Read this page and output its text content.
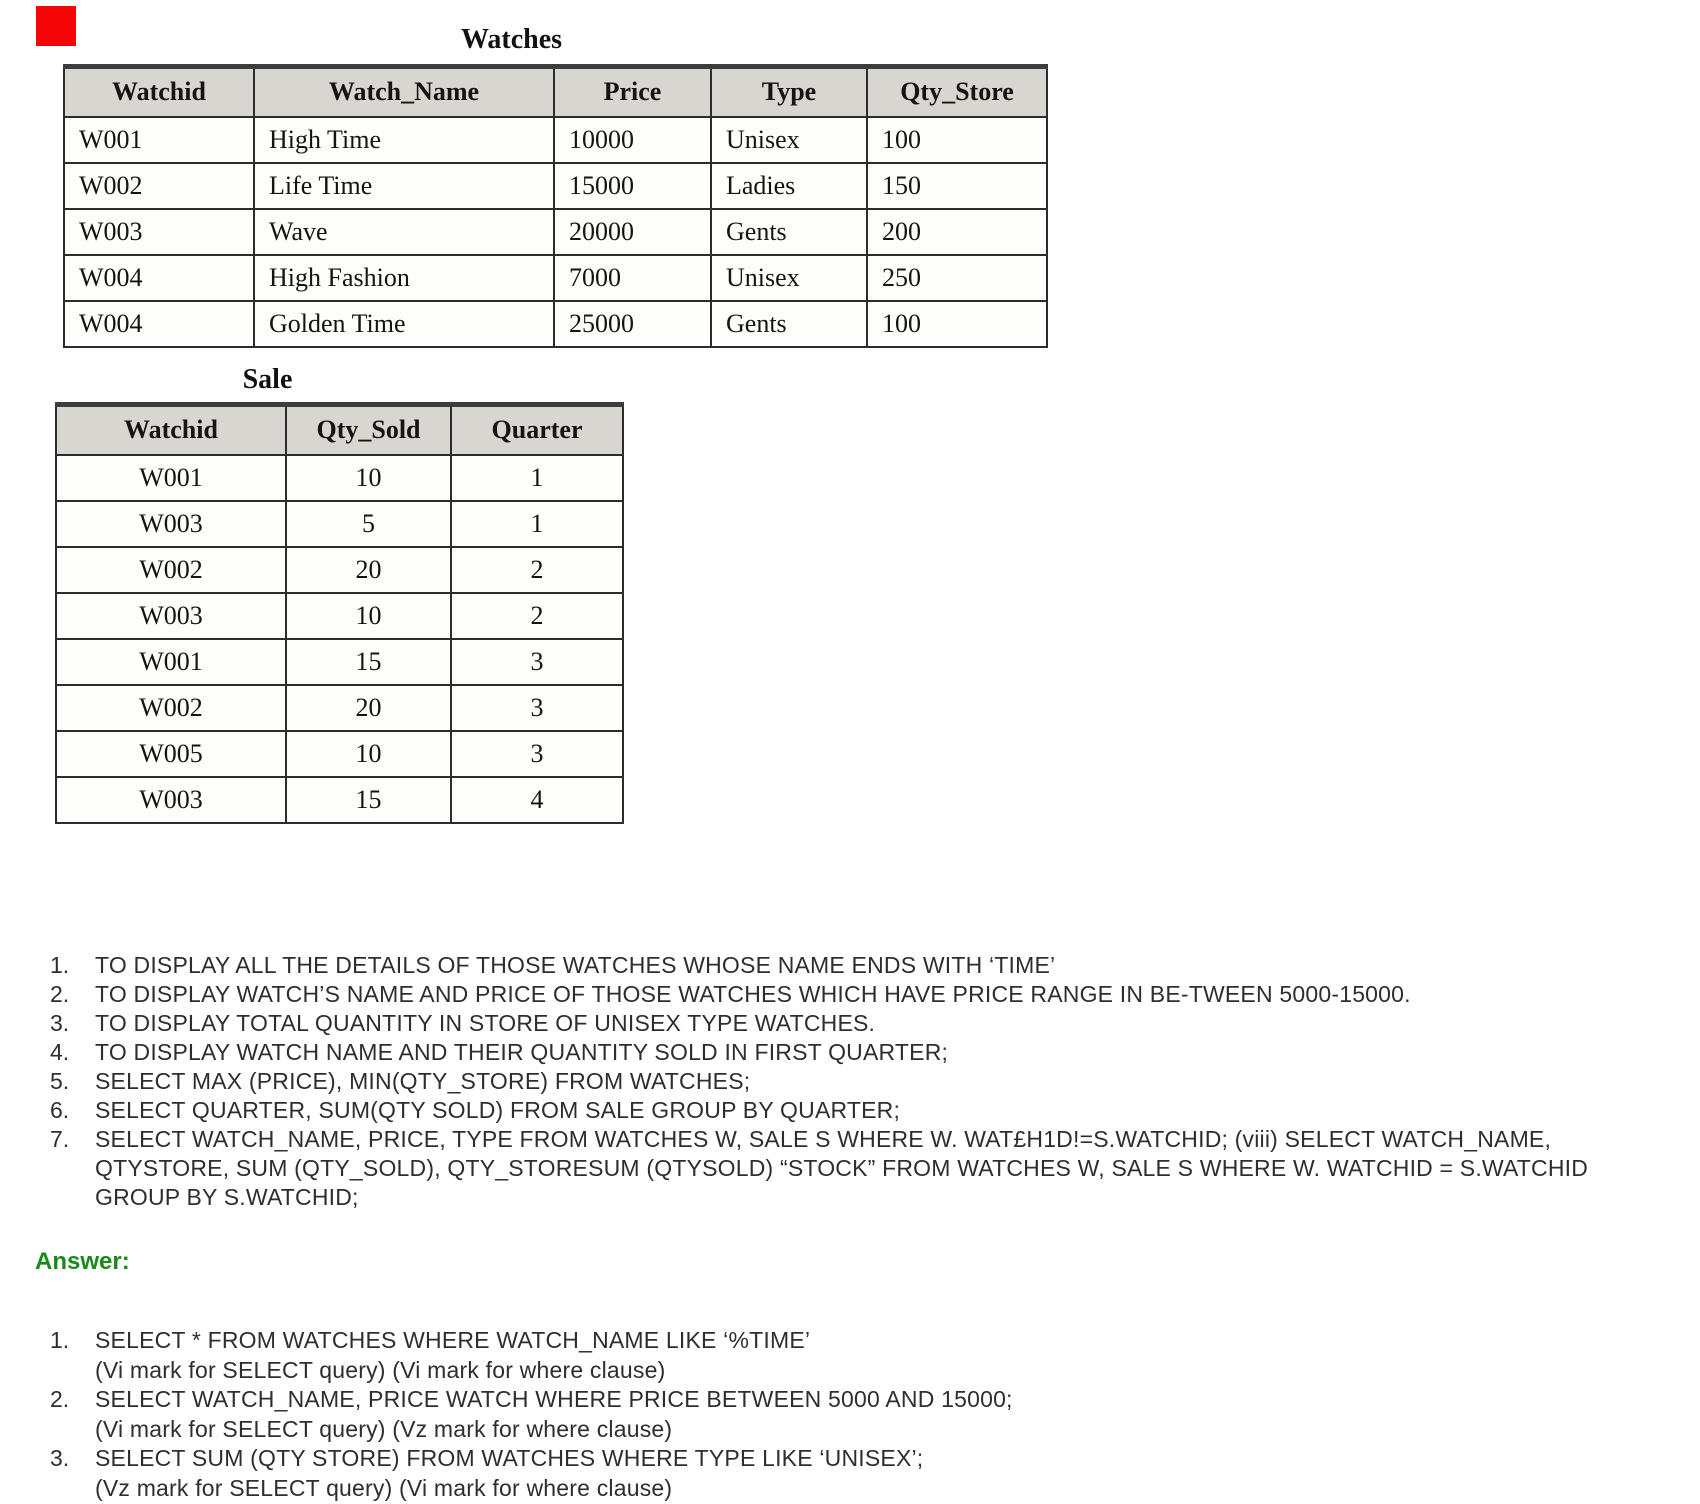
Watches
Watchid	Watch_Name	Price	Type	Qty_Store
W001	High Time	10000	Unisex	100
W002	Life Time	15000	Ladies	150
W003	Wave	20000	Gents	200
W004	High Fashion	7000	Unisex	250
W004	Golden Time	25000	Gents	100
Sale
Watchid	Qty_Sold	Quarter
W001	10	1
W003	5	1
W002	20	2
W003	10	2
W001	15	3
W002	20	3
W005	10	3
W003	15	4
1.	TO DISPLAY ALL THE DETAILS OF THOSE WATCHES WHOSE NAME ENDS WITH ‘TIME’
2.	TO DISPLAY WATCH’S NAME AND PRICE OF THOSE WATCHES WHICH HAVE PRICE RANGE IN BE-TWEEN 5000-15000.
3.	TO DISPLAY TOTAL QUANTITY IN STORE OF UNISEX TYPE WATCHES.
4.	TO DISPLAY WATCH NAME AND THEIR QUANTITY SOLD IN FIRST QUARTER;
5.	SELECT MAX (PRICE), MIN(QTY_STORE) FROM WATCHES;
6.	SELECT QUARTER, SUM(QTY SOLD) FROM SALE GROUP BY QUARTER;
7.	SELECT WATCH_NAME, PRICE, TYPE FROM WATCHES W, SALE S WHERE W. WAT£H1D!=S.WATCHID; (viii) SELECT WATCH_NAME, QTYSTORE, SUM (QTY_SOLD), QTY_STORESUM (QTYSOLD) “STOCK” FROM WATCHES W, SALE S WHERE W. WATCHID = S.WATCHID GROUP BY S.WATCHID;
Answer:
1.	SELECT * FROM WATCHES WHERE WATCH_NAME LIKE ‘%TIME’
(Vi mark for SELECT query) (Vi mark for where clause)
2.	SELECT WATCH_NAME, PRICE WATCH WHERE PRICE BETWEEN 5000 AND 15000;
(Vi mark for SELECT query) (Vz mark for where clause)
3.	SELECT SUM (QTY STORE) FROM WATCHES WHERE TYPE LIKE ‘UNISEX’;
(Vz mark for SELECT query) (Vi mark for where clause)
